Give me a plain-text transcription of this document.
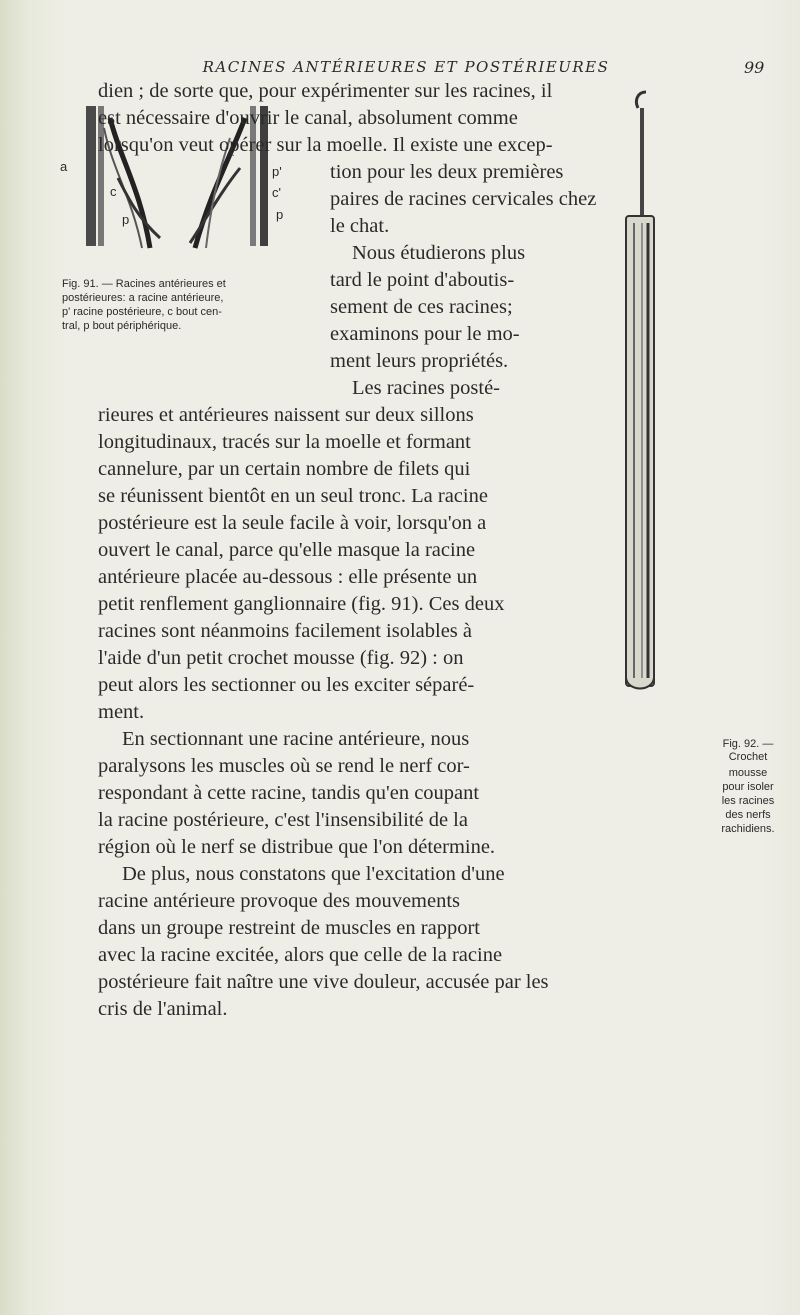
RACINES ANTÉRIEURES ET POSTÉRIEURES	99
a
c
p
p'
c'
p
Fig. 91. — Racines antérieures et
postérieures: a racine antérieure,
p' racine postérieure, c bout cen-
tral, p bout périphérique.
Fig. 92. —
Crochet
mousse
pour isoler
les racines
des nerfs
rachidiens.
dien ; de sorte que, pour expérimenter sur les racines, il
est nécessaire d'ouvrir le canal, absolument comme
lorsqu'on veut opérer sur la moelle. Il existe une excep-
tion pour les deux premières
paires de racines cervicales chez
le chat.
Nous étudierons plus
tard le point d'aboutis-
sement de ces racines;
examinons pour le mo-
ment leurs propriétés.
Les racines posté-
rieures et antérieures naissent sur deux sillons
longitudinaux, tracés sur la moelle et formant
cannelure, par un certain nombre de filets qui
se réunissent bientôt en un seul tronc. La racine
postérieure est la seule facile à voir, lorsqu'on a
ouvert le canal, parce qu'elle masque la racine
antérieure placée au-dessous : elle présente un
petit renflement ganglionnaire (fig. 91). Ces deux
racines sont néanmoins facilement isolables à
l'aide d'un petit crochet mousse (fig. 92) : on
peut alors les sectionner ou les exciter séparé-
ment.
En sectionnant une racine antérieure, nous
paralysons les muscles où se rend le nerf cor-
respondant à cette racine, tandis qu'en coupant
la racine postérieure, c'est l'insensibilité de la
région où le nerf se distribue que l'on détermine.
De plus, nous constatons que l'excitation d'une
racine antérieure provoque des mouvements
dans un groupe restreint de muscles en rapport
avec la racine excitée, alors que celle de la racine
postérieure fait naître une vive douleur, accusée par les
cris de l'animal.
